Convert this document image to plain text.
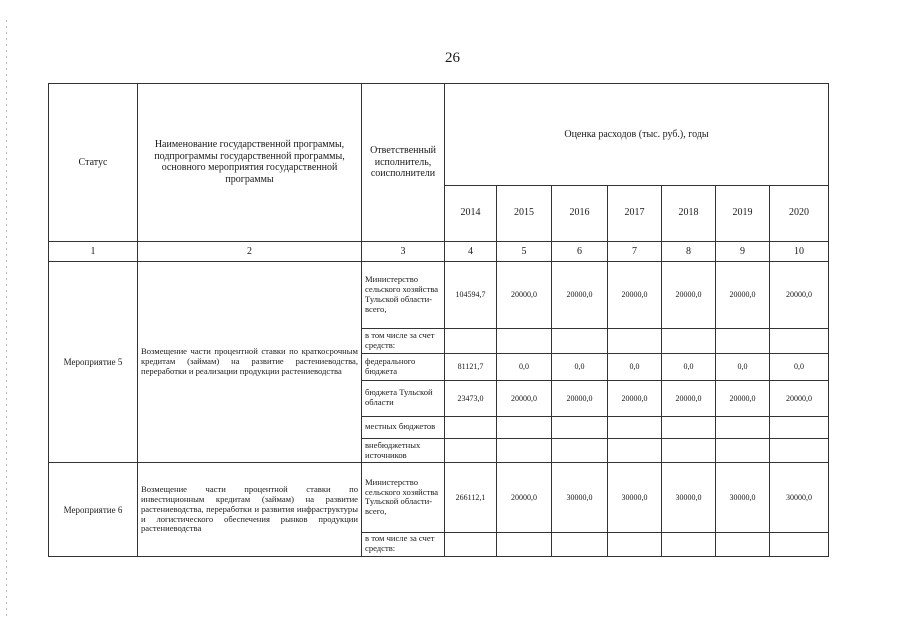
26
Статус	Наименование государственной программы, подпрограммы государственной программы, основного мероприятия государственной программы	Ответственный исполнитель, соисполнители	Оценка расходов (тыс. руб.), годы						
			2014	2015	2016	2017	2018	2019	2020
1	2	3	4	5	6	7	8	9	10
Мероприятие 5	Возмещение части процентной ставки по краткосрочным кредитам (займам) на развитие растениеводства, переработки и реализации продукции растениеводства	Министерство сельского хозяйства Тульской области- всего,	104594,7	20000,0	20000,0	20000,0	20000,0	20000,0	20000,0
		в том числе за счет средств:							
		федерального бюджета	81121,7	0,0	0,0	0,0	0,0	0,0	0,0
		бюджета Тульской области	23473,0	20000,0	20000,0	20000,0	20000,0	20000,0	20000,0
		местных бюджетов							
		внебюджетных источников							
Мероприятие 6	Возмещение части процентной ставки по инвестиционным кредитам (займам) на развитие растениеводства, переработки и развития инфраструктуры и логистического обеспечения рынков продукции растениеводства	Министерство сельского хозяйства Тульской области- всего,	266112,1	20000,0	30000,0	30000,0	30000,0	30000,0	30000,0
		в том числе за счет средств:							
